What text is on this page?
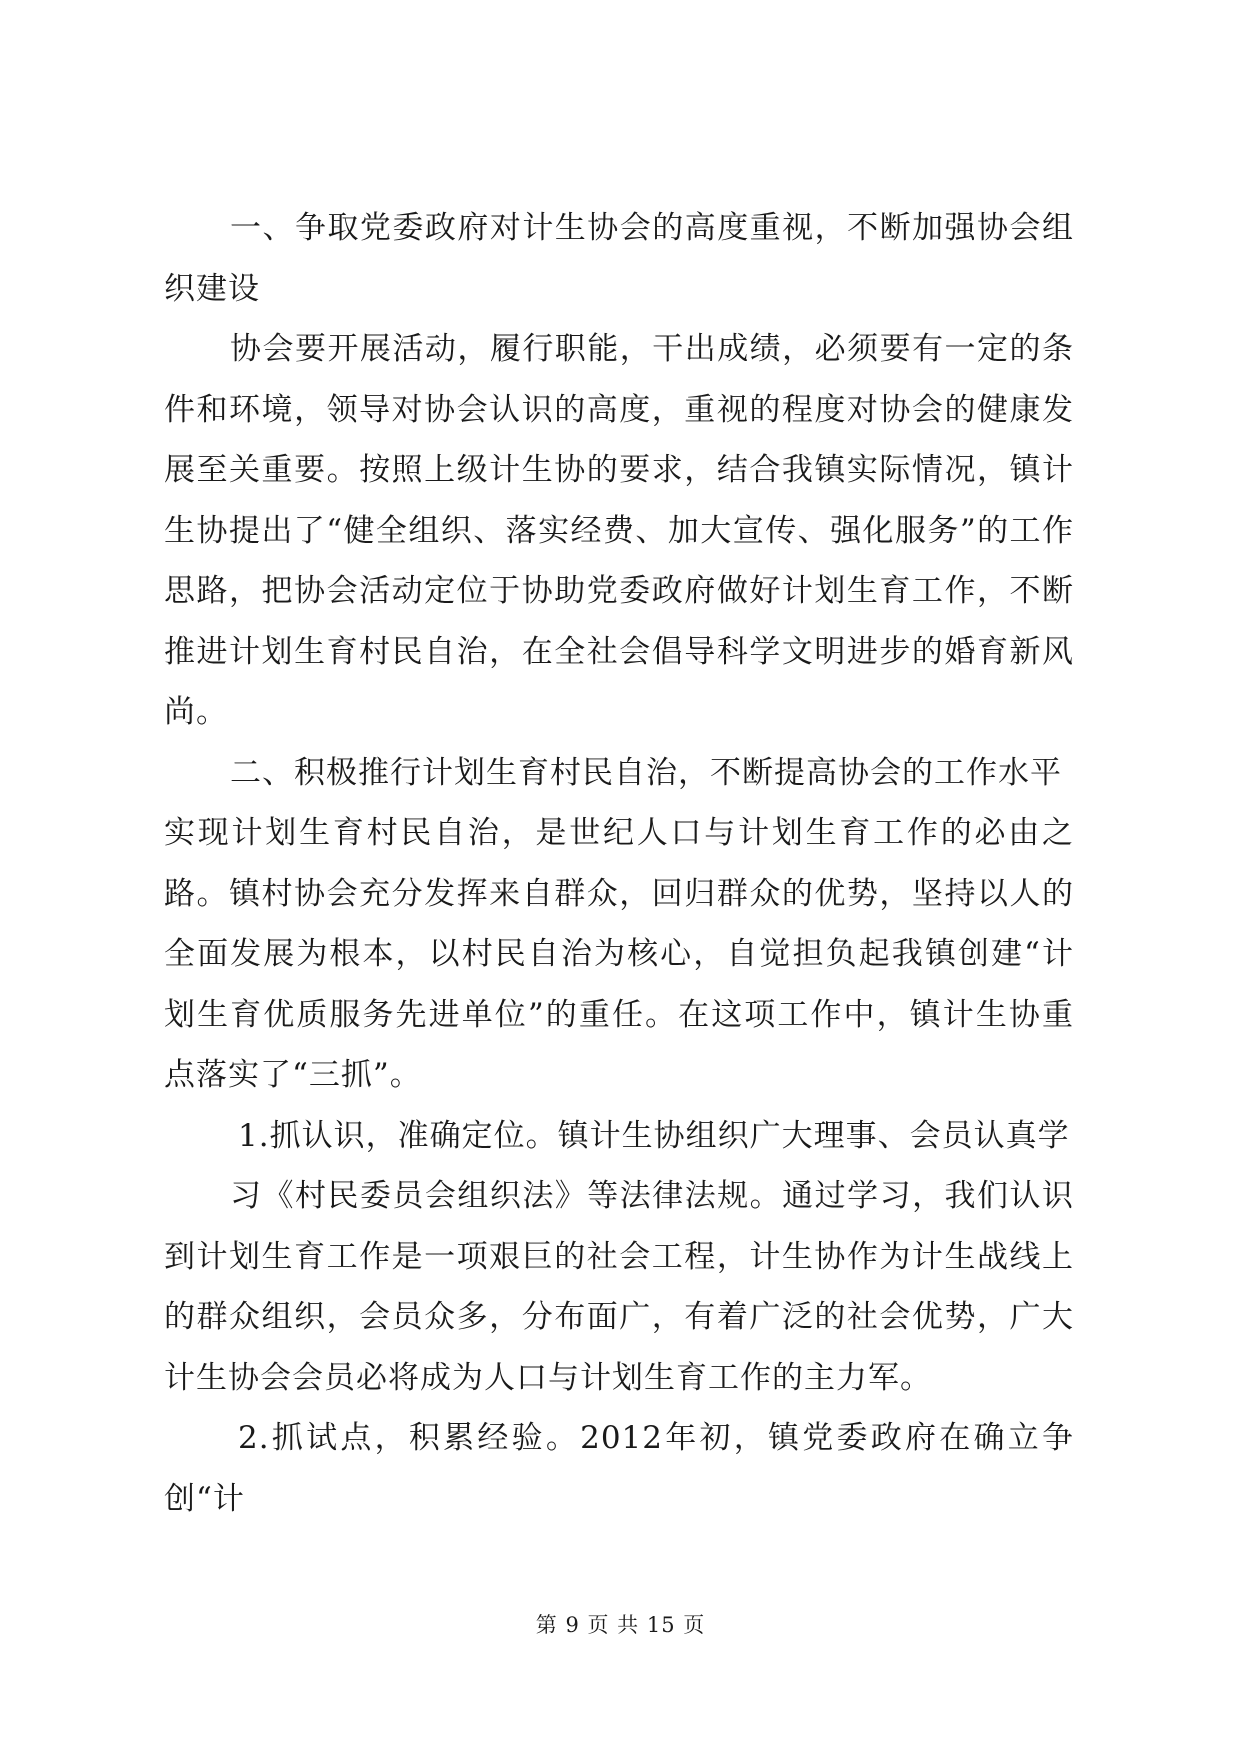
一、争取党委政府对计生协会的高度重视，不断加强协会组织建设

协会要开展活动，履行职能，干出成绩，必须要有一定的条件和环境，领导对协会认识的高度，重视的程度对协会的健康发展至关重要。按照上级计生协的要求，结合我镇实际情况，镇计生协提出了“健全组织、落实经费、加大宣传、强化服务”的工作思路，把协会活动定位于协助党委政府做好计划生育工作，不断推进计划生育村民自治，在全社会倡导科学文明进步的婚育新风尚。

二、积极推行计划生育村民自治，不断提高协会的工作水平

实现计划生育村民自治，是世纪人口与计划生育工作的必由之路。镇村协会充分发挥来自群众，回归群众的优势，坚持以人的全面发展为根本，以村民自治为核心，自觉担负起我镇创建“计划生育优质服务先进单位”的重任。在这项工作中，镇计生协重点落实了“三抓”。

1.抓认识，准确定位。镇计生协组织广大理事、会员认真学

习《村民委员会组织法》等法律法规。通过学习，我们认识到计划生育工作是一项艰巨的社会工程，计生协作为计生战线上的群众组织，会员众多，分布面广，有着广泛的社会优势，广大计生协会会员必将成为人口与计划生育工作的主力军。

2.抓试点，积累经验。2012年初，镇党委政府在确立争创“计

第 9 页 共 15 页
